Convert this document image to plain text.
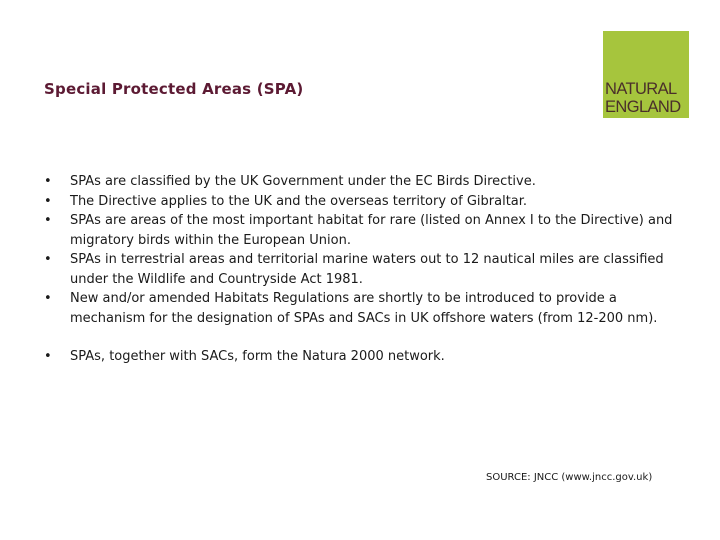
Special Protected Areas (SPA)	NATURAL
ENGLAND
• SPAs are classified by the UK Government under the EC Birds Directive.
• The Directive applies to the UK and the overseas territory of Gibraltar.
• SPAs are areas of the most important habitat for rare (listed on Annex I to the Directive) and migratory birds within the European Union.
• SPAs in terrestrial areas and territorial marine waters out to 12 nautical miles are classified under the Wildlife and Countryside Act 1981.
• New and/or amended Habitats Regulations are shortly to be introduced to provide a mechanism for the designation of SPAs and SACs in UK offshore waters (from 12-200 nm).
• SPAs, together with SACs, form the Natura 2000 network.
SOURCE: JNCC (www.jncc.gov.uk)
